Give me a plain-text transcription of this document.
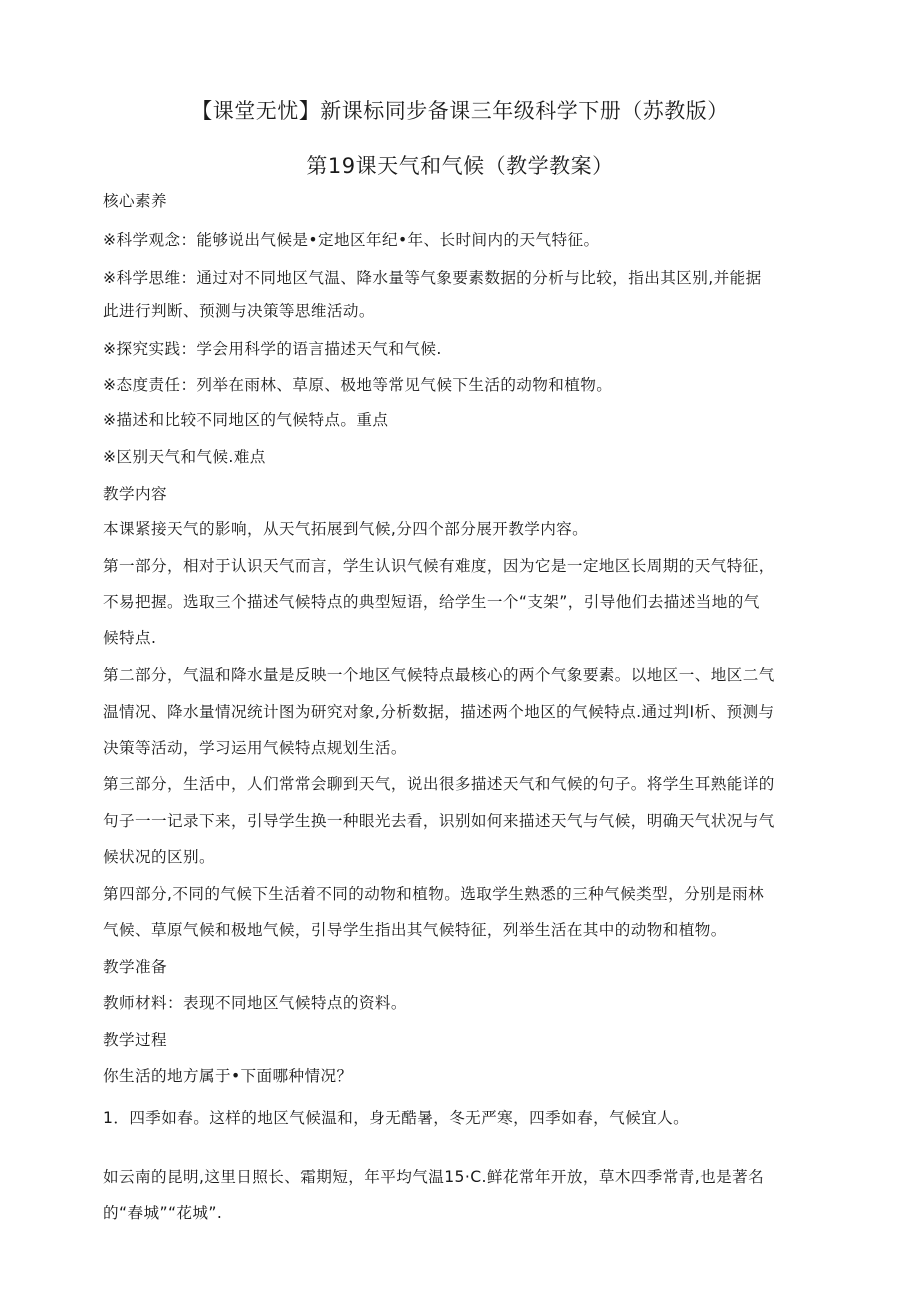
【课堂无忧】新课标同步备课三年级科学下册（苏教版）
第19课天气和气候（教学教案）
核心素养
※科学观念：能够说出气候是•定地区年纪•年、长时间内的天气特征。
※科学思维：通过对不同地区气温、降水量等气象要素数据的分析与比较，指出其区别,并能据
此进行判断、预测与决策等思维活动。
※探究实践：学会用科学的语言描述天气和气候.
※态度责任：列举在雨林、草原、极地等常见气候下生活的动物和植物。
※描述和比较不同地区的气候特点。重点
※区别天气和气候.难点
教学内容
本课紧接天气的影响，从天气拓展到气候,分四个部分展开教学内容。
第一部分，相对于认识天气而言，学生认识气候有难度，因为它是一定地区长周期的天气特征，
不易把握。选取三个描述气候特点的典型短语，给学生一个“支架”，引导他们去描述当地的气
候特点.
第二部分，气温和降水量是反映一个地区气候特点最核心的两个气象要素。以地区一、地区二气
温情况、降水量情况统计图为研究对象,分析数据，描述两个地区的气候特点.通过判I析、预测与
决策等活动，学习运用气候特点规划生活。
第三部分，生活中，人们常常会聊到天气，说出很多描述天气和气候的句子。将学生耳熟能详的
句子一一记录下来，引导学生换一种眼光去看，识别如何来描述天气与气候，明确天气状况与气
候状况的区别。
第四部分,不同的气候下生活着不同的动物和植物。选取学生熟悉的三种气候类型，分别是雨林
气候、草原气候和极地气候，引导学生指出其气候特征，列举生活在其中的动物和植物。
教学准备
教师材料：表现不同地区气候特点的资料。
教学过程
你生活的地方属于•下面哪种情况？
1．四季如春。这样的地区气候温和，身无酷暑，冬无严寒，四季如春，气候宜人。
如云南的昆明,这里日照长、霜期短，年平均气温15·C.鲜花常年开放，草木四季常青,也是著名
的“春城”“花城”.
